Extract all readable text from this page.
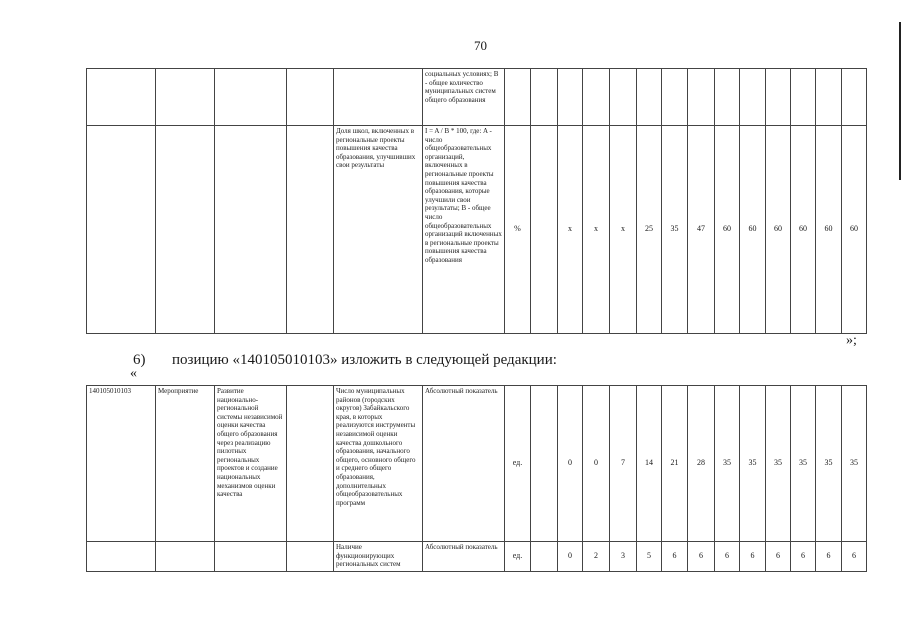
70
					социальных условиях; B - общее количество муниципальных систем общего образования														
				Доля школ, включенных в региональные проекты повышения качества образования, улучшивших свои результаты	I = A / B * 100, где: A - число общеобразовательных организаций, включенных в региональные проекты повышения качества образования, которые улучшили свои результаты; B - общее число общеобразовательных организаций включенных в региональные проекты повышения качества образования	%		х	х	х	25	35	47	60	60	60	60	60	60
»;
6) позицию «140105010103» изложить в следующей редакции:
«
140105010103	Мероприятие	Развитие национально-региональной системы независимой оценки качества общего образования через реализацию пилотных региональных проектов и создание национальных механизмов оценки качества		Число муниципальных районов (городских округов) Забайкальского края, в которых реализуются инструменты независимой оценки качества дошкольного образования, начального общего, основного общего и среднего общего образования, дополнительных общеобразовательных программ	Абсолютный показатель	ед.		0	0	7	14	21	28	35	35	35	35	35	35
				Наличие функционирующих региональных систем	Абсолютный показатель	ед.		0	2	3	5	6	6	6	6	6	6	6	6
